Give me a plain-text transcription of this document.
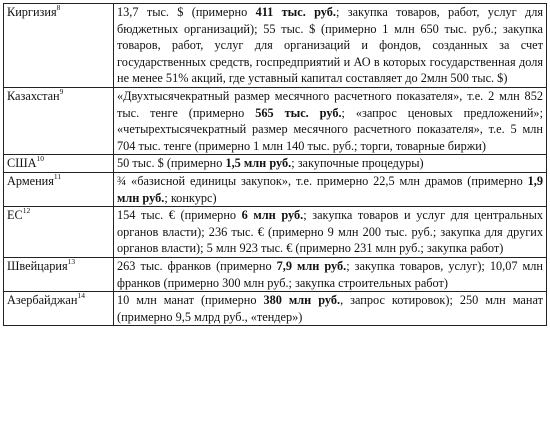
Киргизия$^8$	13,7 тыс. $ (примерно 411 тыс. руб.; закупка товаров, работ, услуг для бюджетных организаций); 55 тыс. $ (примерно 1 млн 650 тыс. руб.; закупка товаров, работ, услуг для организаций и фондов, созданных за счет государственных средств, госпредприятий и АО в которых государственная доля не менее 51% акций, где уставный капитал составляет до 2млн 500 тыс. $)
Казахстан$^9$	«Двухтысячекратный размер месячного расчетного показателя», т.е. 2 млн 852 тыс. тенге (примерно 565 тыс. руб.; «запрос ценовых предложений»; «четырехтысячекратный размер месячного расчетного показателя», т.е. 5 млн 704 тыс. тенге (примерно 1 млн 140 тыс. руб.; торги, товарные биржи)
США$^{10}$	50 тыс. $ (примерно 1,5 млн руб.; закупочные процедуры)
Армения$^{11}$	¾ «базисной единицы закупок», т.е. примерно 22,5 млн драмов (примерно 1,9 млн руб.; конкурс)
ЕС$^{12}$	154 тыс. € (примерно 6 млн руб.; закупка товаров и услуг для центральных органов власти); 236 тыс. € (примерно 9 млн 200 тыс. руб.; закупка для других органов власти); 5 млн 923 тыс. € (примерно 231 млн руб.; закупка работ)
Швейцария$^{13}$	263 тыс. франков (примерно 7,9 млн руб.; закупка товаров, услуг); 10,07 млн франков (примерно 300 млн руб.; закупка строительных работ)
Азербайджан$^{14}$	10 млн манат (примерно 380 млн руб., запрос котировок); 250 млн манат (примерно 9,5 млрд руб., «тендер»)
